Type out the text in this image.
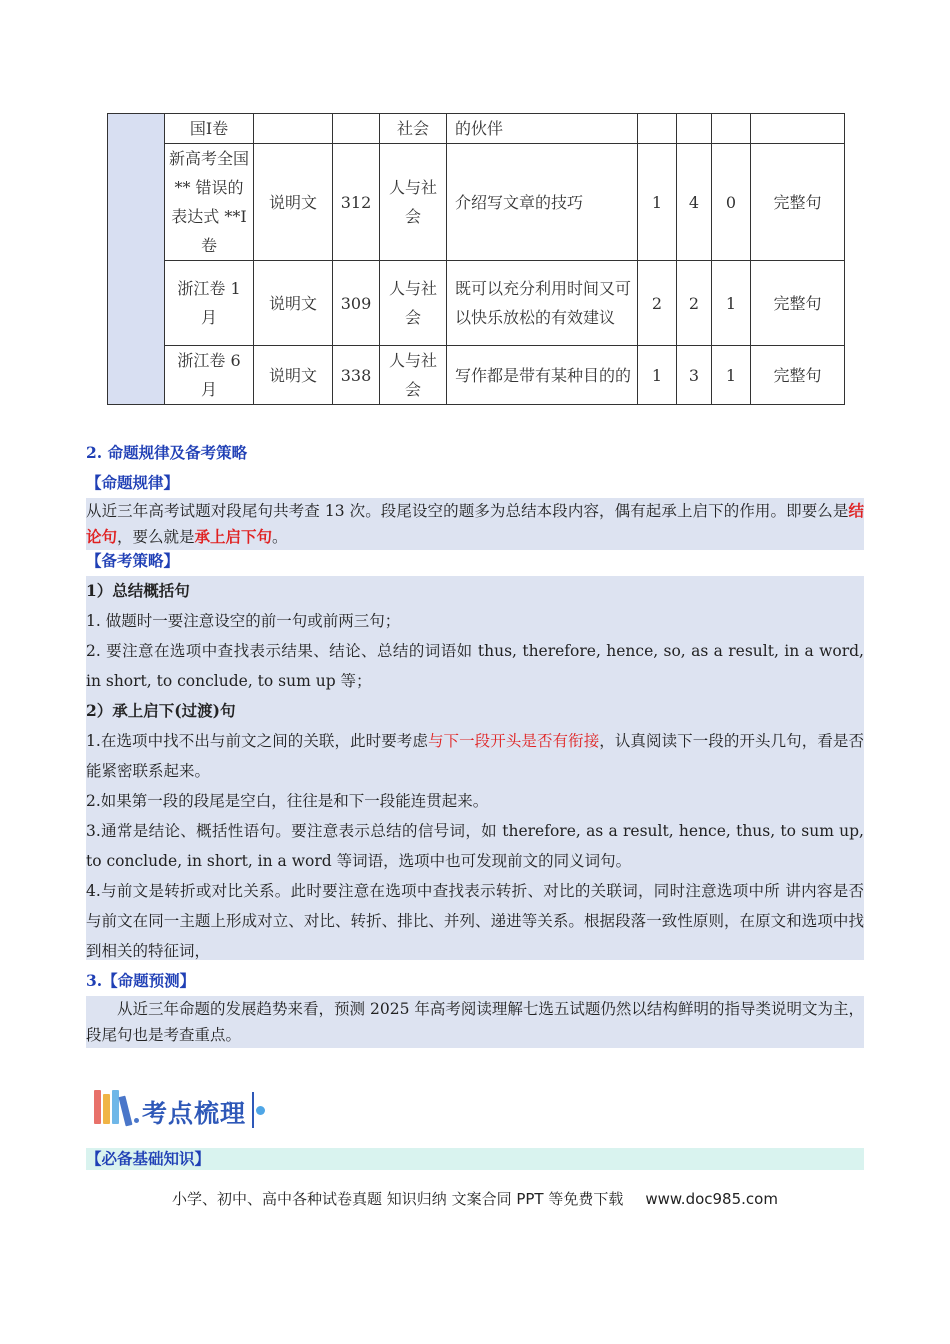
	国I卷			社会	的伙伴				
	新高考全国** 错误的表达式 **I 卷	说明文	312	人与社会	介绍写文章的技巧	1	4	0	完整句
	浙江卷 1 月	说明文	309	人与社会	既可以充分利用时间又可以快乐放松的有效建议	2	2	1	完整句
	浙江卷 6 月	说明文	338	人与社会	写作都是带有某种目的的	1	3	1	完整句
2. 命题规律及备考策略
【命题规律】
从近三年高考试题对段尾句共考查 13 次。段尾设空的题多为总结本段内容，偶有起承上启下的作用。即要么是结论句，要么就是承上启下句。
【备考策略】
1）总结概括句
1. 做题时一要注意设空的前一句或前两三句；
2. 要注意在选项中查找表示结果、结论、总结的词语如 thus, therefore, hence, so, as a result, in a word, in short, to conclude, to sum up 等；
2）承上启下(过渡)句
1.在选项中找不出与前文之间的关联，此时要考虑与下一段开头是否有衔接，认真阅读下一段的开头几句，看是否能紧密联系起来。
2.如果第一段的段尾是空白，往往是和下一段能连贯起来。
3.通常是结论、概括性语句。要注意表示总结的信号词，如 therefore, as a result, hence, thus, to sum up, to conclude, in short, in a word 等词语，选项中也可发现前文的同义词句。
4.与前文是转折或对比关系。此时要注意在选项中查找表示转折、对比的关联词，同时注意选项中所 讲内容是否与前文在同一主题上形成对立、对比、转折、排比、并列、递进等关系。根据段落一致性原则，在原文和选项中找到相关的特征词，
3.【命题预测】
从近三年命题的发展趋势来看，预测 2025 年高考阅读理解七选五试题仍然以结构鲜明的指导类说明文为主，段尾句也是考查重点。
考点梳理
【必备基础知识】
小学、初中、高中各种试卷真题 知识归纳 文案合同 PPT 等免费下载 www.doc985.com
